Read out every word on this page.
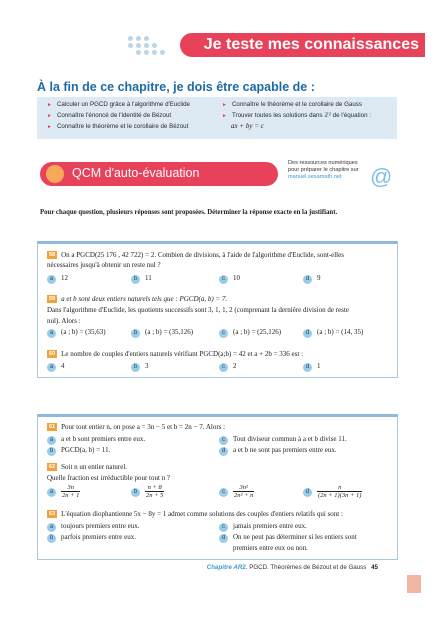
Je teste mes connaissances
À la fin de ce chapitre, je dois être capable de :
► Calculer un PGCD grâce à l'algorithme d'Euclide
► Connaître l'énoncé de l'identité de Bézout
► Connaître le théorème et le corollaire de Bézout
► Connaître le théorème et le corollaire de Gauss
► Trouver toutes les solutions dans ℤ² de l'équation :
ax + by = c
QCM d'auto-évaluation
Des ressources numériques
pour préparer le chapitre sur
manuel.sesamath.net	@
Pour chaque question, plusieurs réponses sont proposées. Déterminer la réponse exacte en la justifiant.
58 On a PGCD(25 176 , 42 722) = 2. Combien de divisions, à l'aide de l'algorithme d'Euclide, sont-elles
nécessaires jusqu'à obtenir un reste nul ?
a 12	b 11	c 10	d 9
59 a et b sont deux entiers naturels tels que : PGCD(a, b) = 7.
Dans l'algorithme d'Euclide, les quotients successifs sont 3, 1, 1, 2 (comprenant la dernière division de reste
nul). Alors :
a (a ; b) = (35,63)	b (a ; b) = (35,126)	c (a ; b) = (25,126)	d (a ; b) = (14, 35)
60 Le nombre de couples d'entiers naturels vérifiant PGCD(a;b) = 42 et a + 2b = 336 est :
a 4	b 3	c 2	d 1
61 Pour tout entier n, on pose a = 3n − 5 et b = 2n − 7. Alors :
a a et b sont premiers entre eux.	c Tout diviseur commun à a et b divise 11.
b PGCD(a, b) = 11.	d a et b ne sont pas premiers entre eux.
62 Soit n un entier naturel.
Quelle fraction est irréductible pour tout n ?
a $\frac{3n}{2n + 1}$	b $\frac{n + 8}{2n + 5}$	c $\frac{\text{3n²}}{\text{2n² + n}}$	d $\frac{n}{(2n + 1)(3n + 1)}$
63 L'équation diophantienne 5x − 8y = 1 admet comme solutions des couples d'entiers relatifs qui sont :
a toujours premiers entre eux.	c jamais premiers entre eux.
b parfois premiers entre eux.	d On ne peut pas déterminer si les entiers sont
premiers entre eux ou non.
Chapitre AR2. PGCD. Théorèmes de Bézout et de Gauss 45
